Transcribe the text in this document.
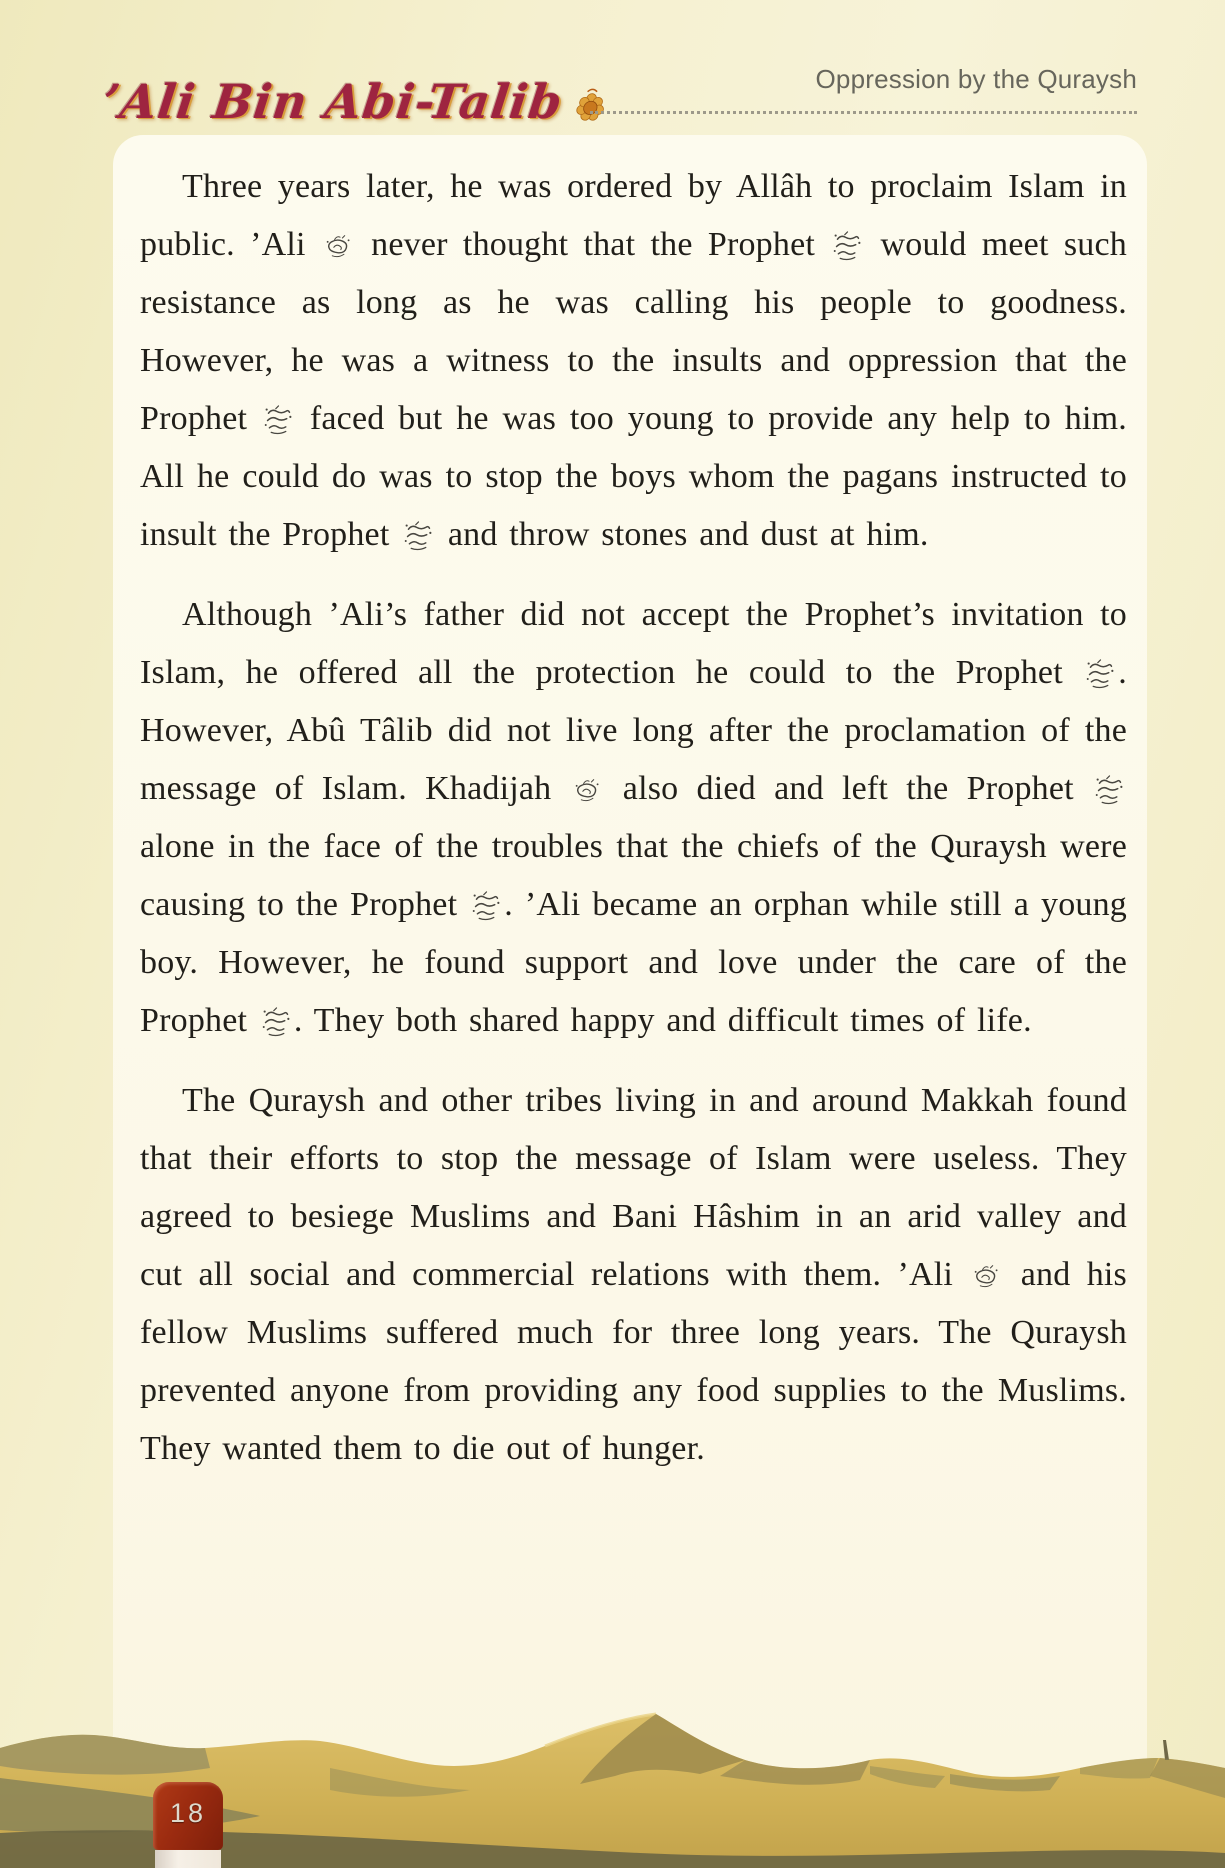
’Ali Bin Abi-Talib	Oppression by the Quraysh

Three years later, he was ordered by Allâh to proclaim Islam in public. ’Ali
never thought that the Prophet
would meet such resistance as long as he was calling his people to goodness. However, he was a witness to the insults and oppression that the Prophet
faced but he was too young to provide any help to him. All he could do was to stop the boys whom the pagans instructed to insult the Prophet
and throw stones and dust at him.

Although ’Ali’s father did not accept the Prophet’s invitation to Islam, he offered all the protection he could to the Prophet
. However, Abû Tâlib did not live long after the proclamation of the message of Islam. Khadijah
also died and left the Prophet
alone in the face of the troubles that the chiefs of the Quraysh were causing to the Prophet
. ’Ali became an orphan while still a young boy. However, he found support and love under the care of the Prophet
. They both shared happy and difficult times of life.

The Quraysh and other tribes living in and around Makkah found that their efforts to stop the message of Islam were useless. They agreed to besiege Muslims and Bani Hâshim in an arid valley and cut all social and commercial relations with them. ’Ali
and his fellow Muslims suffered much for three long years. The Quraysh prevented anyone from providing any food supplies to the Muslims. They wanted them to die out of hunger.

18
